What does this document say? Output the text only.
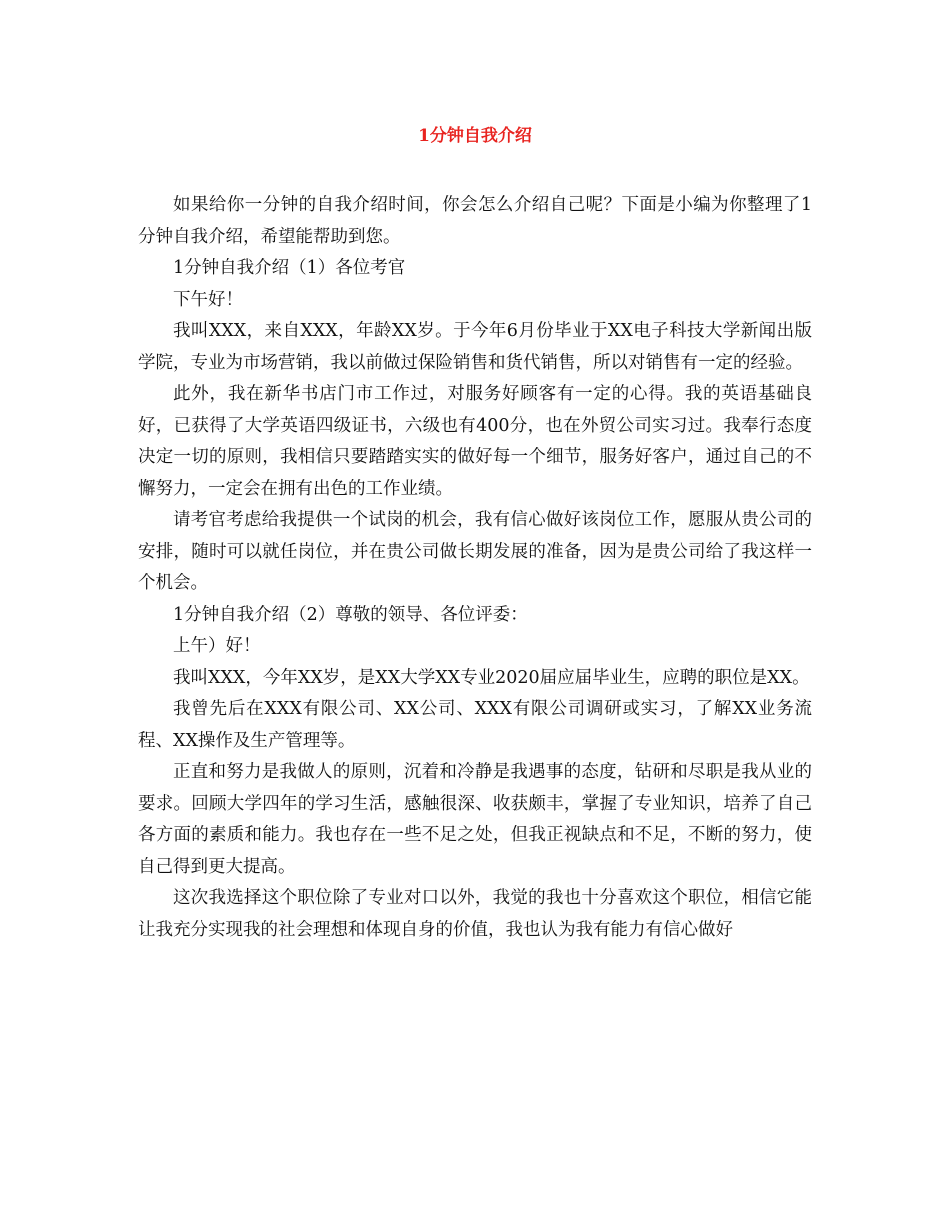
1分钟自我介绍

如果给你一分钟的自我介绍时间，你会怎么介绍自己呢？下面是小编为你整理了1分钟自我介绍，希望能帮助到您。

1分钟自我介绍（1）各位考官

下午好！

我叫XXX，来自XXX，年龄XX岁。于今年6月份毕业于XX电子科技大学新闻出版学院，专业为市场营销，我以前做过保险销售和货代销售，所以对销售有一定的经验。

此外，我在新华书店门市工作过，对服务好顾客有一定的心得。我的英语基础良好，已获得了大学英语四级证书，六级也有400分，也在外贸公司实习过。我奉行态度决定一切的原则，我相信只要踏踏实实的做好每一个细节，服务好客户，通过自己的不懈努力，一定会在拥有出色的工作业绩。

请考官考虑给我提供一个试岗的机会，我有信心做好该岗位工作，愿服从贵公司的安排，随时可以就任岗位，并在贵公司做长期发展的准备，因为是贵公司给了我这样一个机会。

1分钟自我介绍（2）尊敬的领导、各位评委：

上午）好！

我叫XXX，今年XX岁，是XX大学XX专业2020届应届毕业生，应聘的职位是XX。

我曾先后在XXX有限公司、XX公司、XXX有限公司调研或实习，了解XX业务流程、XX操作及生产管理等。

正直和努力是我做人的原则，沉着和冷静是我遇事的态度，钻研和尽职是我从业的要求。回顾大学四年的学习生活，感触很深、收获颇丰，掌握了专业知识，培养了自己各方面的素质和能力。我也存在一些不足之处，但我正视缺点和不足，不断的努力，使自己得到更大提高。

这次我选择这个职位除了专业对口以外，我觉的我也十分喜欢这个职位，相信它能让我充分实现我的社会理想和体现自身的价值，我也认为我有能力有信心做好
